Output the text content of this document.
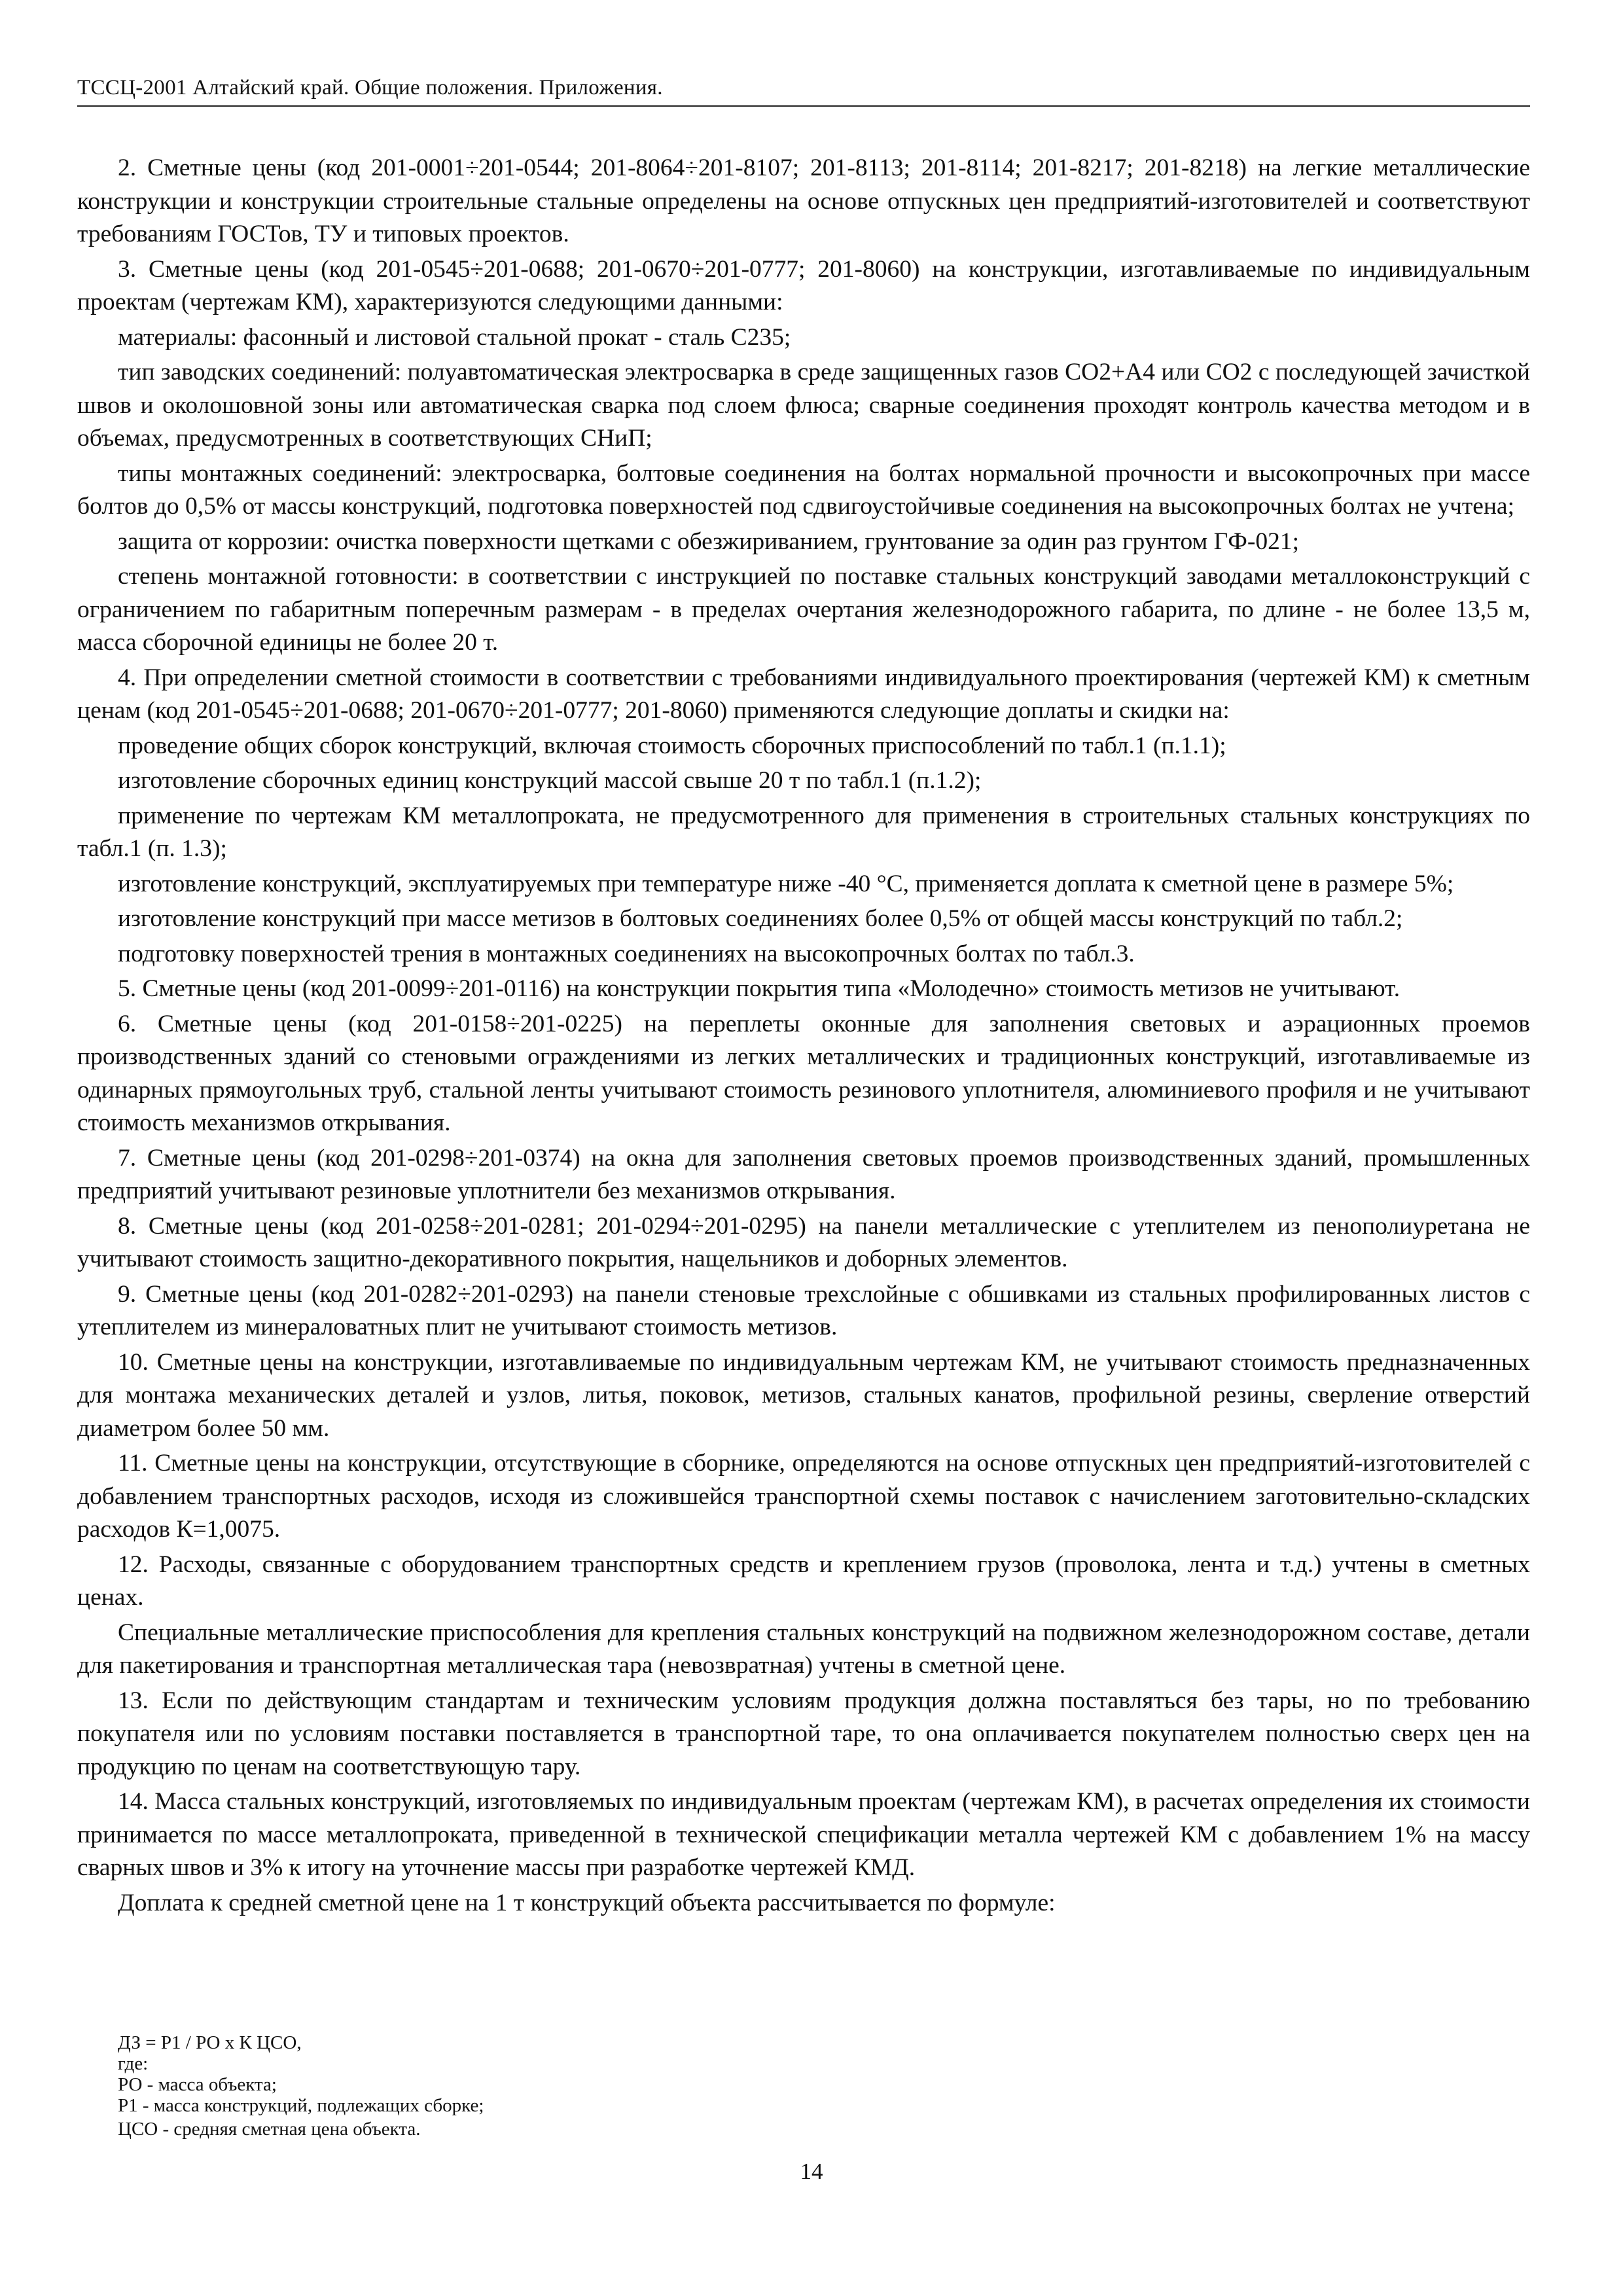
ТССЦ-2001 Алтайский край. Общие положения. Приложения.

2. Сметные цены (код 201-0001÷201-0544; 201-8064÷201-8107; 201-8113; 201-8114; 201-8217; 201-8218) на легкие металлические конструкции и конструкции строительные стальные определены на основе отпускных цен предприятий-изготовителей и соответствуют требованиям ГОСТов, ТУ и типовых проектов.

3. Сметные цены (код 201-0545÷201-0688; 201-0670÷201-0777; 201-8060) на конструкции, изготавливаемые по индивидуальным проектам (чертежам КМ), характеризуются следующими данными:

материалы: фасонный и листовой стальной прокат - сталь С235;

тип заводских соединений: полуавтоматическая электросварка в среде защищенных газов СО2+А4 или СО2 с последующей зачисткой швов и околошовной зоны или автоматическая сварка под слоем флюса; сварные соединения проходят контроль качества методом и в объемах, предусмотренных в соответствующих СНиП;

типы монтажных соединений: электросварка, болтовые соединения на болтах нормальной прочности и высокопрочных при массе болтов до 0,5% от массы конструкций, подготовка поверхностей под сдвигоустойчивые соединения на высокопрочных болтах не учтена;

защита от коррозии: очистка поверхности щетками с обезжириванием, грунтование за один раз грунтом ГФ-021;

степень монтажной готовности: в соответствии с инструкцией по поставке стальных конструкций заводами металлоконструкций с ограничением по габаритным поперечным размерам - в пределах очертания железнодорожного габарита, по длине - не более 13,5 м, масса сборочной единицы не более 20 т.

4. При определении сметной стоимости в соответствии с требованиями индивидуального проектирования (чертежей КМ) к сметным ценам (код 201-0545÷201-0688; 201-0670÷201-0777; 201-8060) применяются следующие доплаты и скидки на:

проведение общих сборок конструкций, включая стоимость сборочных приспособлений по табл.1 (п.1.1);

изготовление сборочных единиц конструкций массой свыше 20 т по табл.1 (п.1.2);

применение по чертежам КМ металлопроката, не предусмотренного для применения в строительных стальных конструкциях по табл.1 (п. 1.3);

изготовление конструкций, эксплуатируемых при температуре ниже -40 °С, применяется доплата к сметной цене в размере 5%;

изготовление конструкций при массе метизов в болтовых соединениях более 0,5% от общей массы конструкций по табл.2;

подготовку поверхностей трения в монтажных соединениях на высокопрочных болтах по табл.3.

5. Сметные цены (код 201-0099÷201-0116) на конструкции покрытия типа «Молодечно» стоимость метизов не учитывают.

6. Сметные цены (код 201-0158÷201-0225) на переплеты оконные для заполнения световых и аэрационных проемов производственных зданий со стеновыми ограждениями из легких металлических и традиционных конструкций, изготавливаемые из одинарных прямоугольных труб, стальной ленты учитывают стоимость резинового уплотнителя, алюминиевого профиля и не учитывают стоимость механизмов открывания.

7. Сметные цены (код 201-0298÷201-0374) на окна для заполнения световых проемов производственных зданий, промышленных предприятий учитывают резиновые уплотнители без механизмов открывания.

8. Сметные цены (код 201-0258÷201-0281; 201-0294÷201-0295) на панели металлические с утеплителем из пенополиуретана не учитывают стоимость защитно-декоративного покрытия, нащельников и доборных элементов.

9. Сметные цены (код 201-0282÷201-0293) на панели стеновые трехслойные с обшивками из стальных профилированных листов с утеплителем из минераловатных плит не учитывают стоимость метизов.

10. Сметные цены на конструкции, изготавливаемые по индивидуальным чертежам КМ, не учитывают стоимость предназначенных для монтажа механических деталей и узлов, литья, поковок, метизов, стальных канатов, профильной резины, сверление отверстий диаметром более 50 мм.

11. Сметные цены на конструкции, отсутствующие в сборнике, определяются на основе отпускных цен предприятий-изготовителей с добавлением транспортных расходов, исходя из сложившейся транспортной схемы поставок с начислением заготовительно-складских расходов К=1,0075.

12. Расходы, связанные с оборудованием транспортных средств и креплением грузов (проволока, лента и т.д.) учтены в сметных ценах.

Специальные металлические приспособления для крепления стальных конструкций на подвижном железнодорожном составе, детали для пакетирования и транспортная металлическая тара (невозвратная) учтены в сметной цене.

13. Если по действующим стандартам и техническим условиям продукция должна поставляться без тары, но по требованию покупателя или по условиям поставки поставляется в транспортной таре, то она оплачивается покупателем полностью сверх цен на продукцию по ценам на соответствующую тару.

14. Масса стальных конструкций, изготовляемых по индивидуальным проектам (чертежам КМ), в расчетах определения их стоимости принимается по массе металлопроката, приведенной в технической спецификации металла чертежей КМ с добавлением 1% на массу сварных швов и 3% к итогу на уточнение массы при разработке чертежей КМД.

Доплата к средней сметной цене на 1 т конструкций объекта рассчитывается по формуле:

ДЗ = Р1 / РО х К ЦСО,
где:
РО - масса объекта;
Р1 - масса конструкций, подлежащих сборке;
ЦСО - средняя сметная цена объекта.
14
